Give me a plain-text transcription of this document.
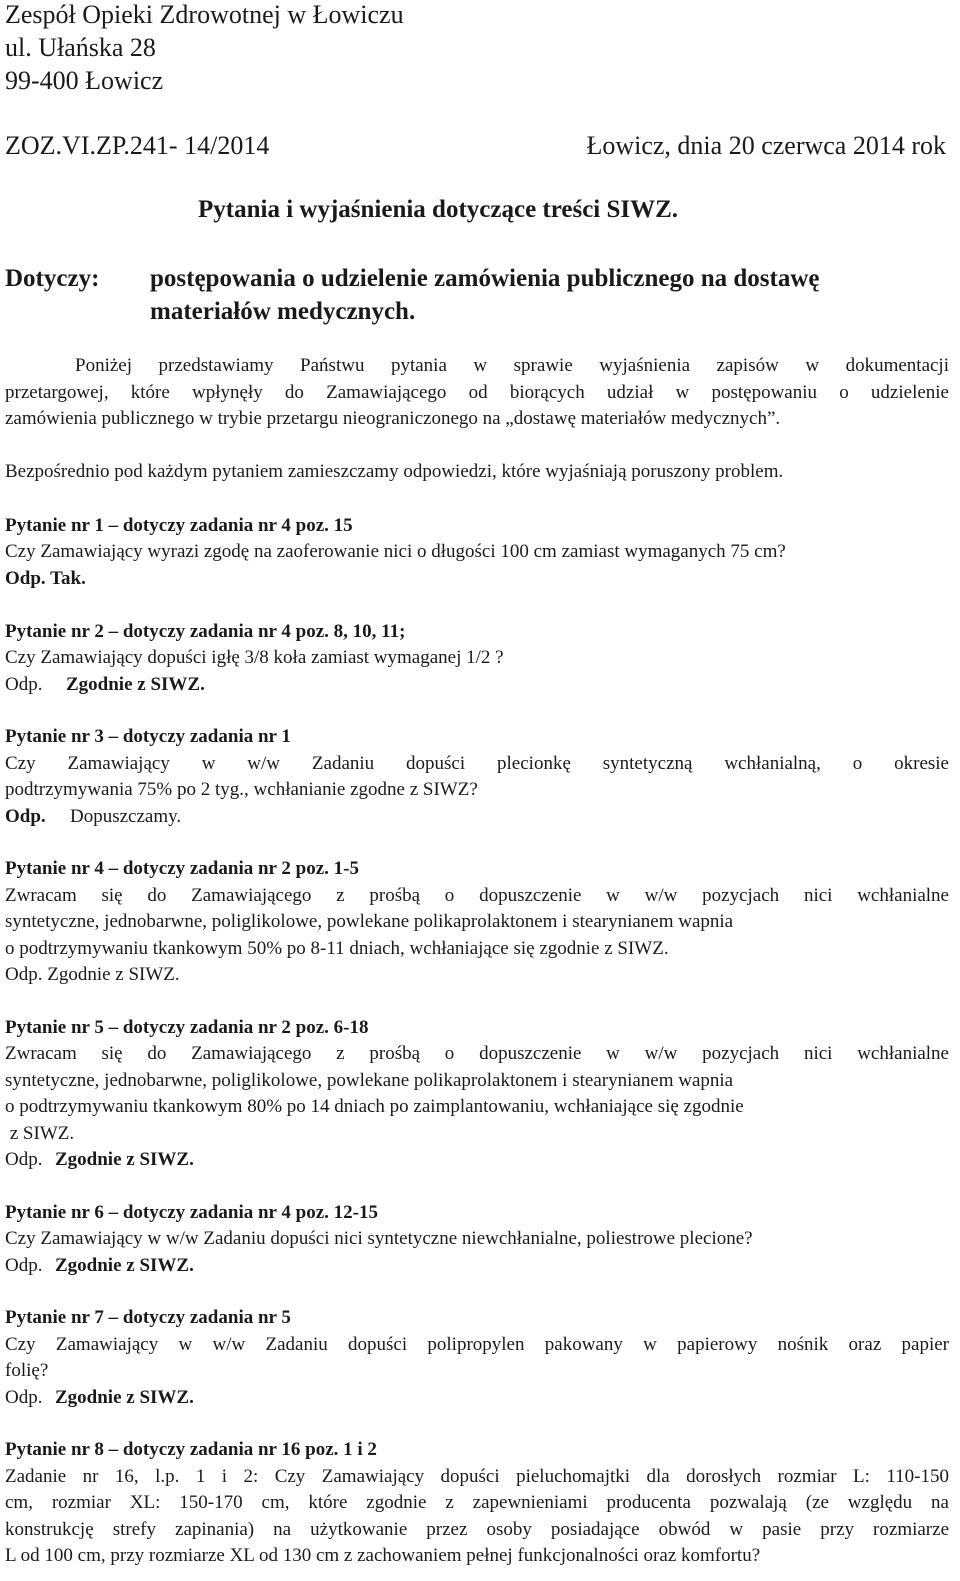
Zespół Opieki Zdrowotnej w Łowiczu
ul. Ułańska 28
99-400 Łowicz
ZOZ.VI.ZP.241- 14/2014	Łowicz, dnia 20 czerwca 2014 rok
Pytania i wyjaśnienia dotyczące treści SIWZ.
Dotyczy: postępowania o udzielenie zamówienia publicznego na dostawę
materiałów medycznych.
Poniżej przedstawiamy Państwu pytania w sprawie wyjaśnienia zapisów w dokumentacji
przetargowej, które wpłynęły do Zamawiającego od biorących udział w postępowaniu o udzielenie
zamówienia publicznego w trybie przetargu nieograniczonego na „dostawę materiałów medycznych”.
Bezpośrednio pod każdym pytaniem zamieszczamy odpowiedzi, które wyjaśniają poruszony problem.
Pytanie nr 1 – dotyczy zadania nr 4 poz. 15
Czy Zamawiający wyrazi zgodę na zaoferowanie nici o długości 100 cm zamiast wymaganych 75 cm?
Odp. Tak.
Pytanie nr 2 – dotyczy zadania nr 4 poz. 8, 10, 11;
Czy Zamawiający dopuści igłę 3/8 koła zamiast wymaganej 1/2 ?
Odp. Zgodnie z SIWZ.
Pytanie nr 3 – dotyczy zadania nr 1
Czy Zamawiający w w/w Zadaniu dopuści plecionkę syntetyczną wchłanialną, o okresie
podtrzymywania 75% po 2 tyg., wchłanianie zgodne z SIWZ?
Odp. Dopuszczamy.
Pytanie nr 4 – dotyczy zadania nr 2 poz. 1-5
Zwracam się do Zamawiającego z prośbą o dopuszczenie w w/w pozycjach nici wchłanialne
syntetyczne, jednobarwne, poliglikolowe, powlekane polikaprolaktonem i stearynianem wapnia
o podtrzymywaniu tkankowym 50% po 8-11 dniach, wchłaniające się zgodnie z SIWZ.
Odp. Zgodnie z SIWZ.
Pytanie nr 5 – dotyczy zadania nr 2 poz. 6-18
Zwracam się do Zamawiającego z prośbą o dopuszczenie w w/w pozycjach nici wchłanialne
syntetyczne, jednobarwne, poliglikolowe, powlekane polikaprolaktonem i stearynianem wapnia
o podtrzymywaniu tkankowym 80% po 14 dniach po zaimplantowaniu, wchłaniające się zgodnie
z SIWZ.
Odp. Zgodnie z SIWZ.
Pytanie nr 6 – dotyczy zadania nr 4 poz. 12-15
Czy Zamawiający w w/w Zadaniu dopuści nici syntetyczne niewchłanialne, poliestrowe plecione?
Odp. Zgodnie z SIWZ.
Pytanie nr 7 – dotyczy zadania nr 5
Czy Zamawiający w w/w Zadaniu dopuści polipropylen pakowany w papierowy nośnik oraz papier
folię?
Odp. Zgodnie z SIWZ.
Pytanie nr 8 – dotyczy zadania nr 16 poz. 1 i 2
Zadanie nr 16, l.p. 1 i 2: Czy Zamawiający dopuści pieluchomajtki dla dorosłych rozmiar L: 110-150
cm, rozmiar XL: 150-170 cm, które zgodnie z zapewnieniami producenta pozwalają (ze względu na
konstrukcję strefy zapinania) na użytkowanie przez osoby posiadające obwód w pasie przy rozmiarze
L od 100 cm, przy rozmiarze XL od 130 cm z zachowaniem pełnej funkcjonalności oraz komfortu?
